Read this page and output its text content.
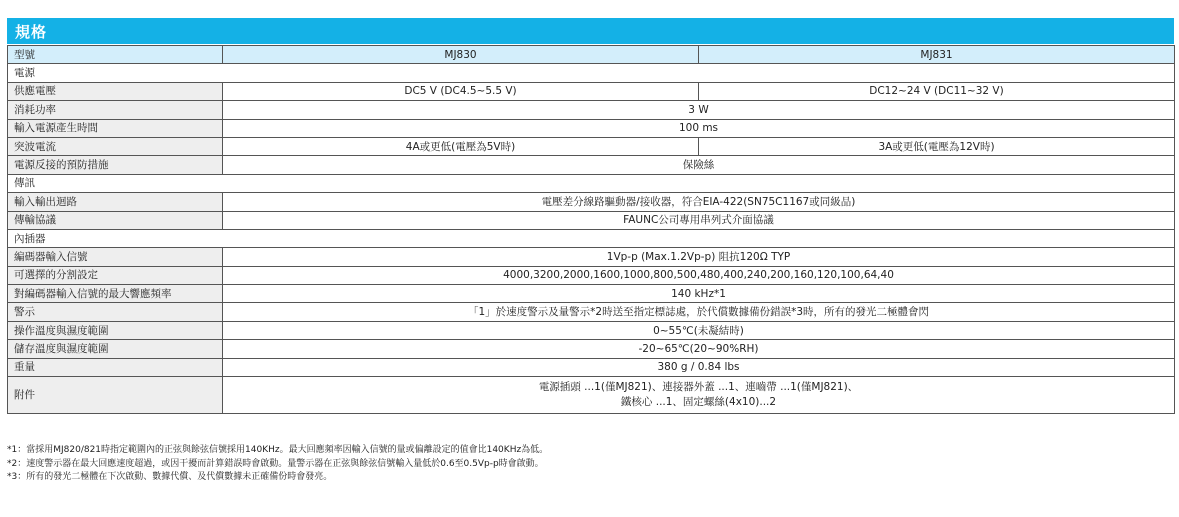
規格
型號	MJ830	MJ831
電源		
供應電壓	DC5 V (DC4.5~5.5 V)	DC12~24 V (DC11~32 V)
消耗功率	3 W	
輸入電源產生時間	100 ms	
突波電流	4A或更低(電壓為5V時)	3A或更低(電壓為12V時)
電源反接的預防措施	保險絲	
傳訊		
輸入輸出迴路	電壓差分線路驅動器/接收器，符合EIA-422(SN75C1167或同級品)	
傳輸協議	FAUNC公司專用串列式介面協議	
內插器		
編碼器輸入信號	1Vp-p (Max.1.2Vp-p) 阻抗120Ω TYP	
可選擇的分割設定	4000,3200,2000,1600,1000,800,500,480,400,240,200,160,120,100,64,40	
對編碼器輸入信號的最大響應頻率	140 kHz*1	
警示	「1」於速度警示及量警示*2時送至指定標誌處，於代償數據備份錯誤*3時，所有的發光二極體會閃	
操作溫度與濕度範圍	0~55℃(未凝結時)	
儲存溫度與濕度範圍	-20~65℃(20~90%RH)	
重量	380 g / 0.84 lbs	
附件	電源插頭 ...1(僅MJ821)、連接器外蓋 ...1、連嚙帶 ...1(僅MJ821)、
鐵核心 ...1、固定螺絲(4x10)...2	
*1：當採用MJ820/821時指定範圍內的正弦與餘弦信號採用140KHz。最大回應頻率因輸入信號的量或偏離設定的值會比140KHz為低。
*2：速度警示器在最大回應速度超過，或因干擾而計算錯誤時會啟動。量警示器在正弦與餘弦信號輸入量低於0.6至0.5Vp-p時會啟動。
*3：所有的發光二極體在下次啟動、數據代償、及代償數據未正確備份時會發亮。
